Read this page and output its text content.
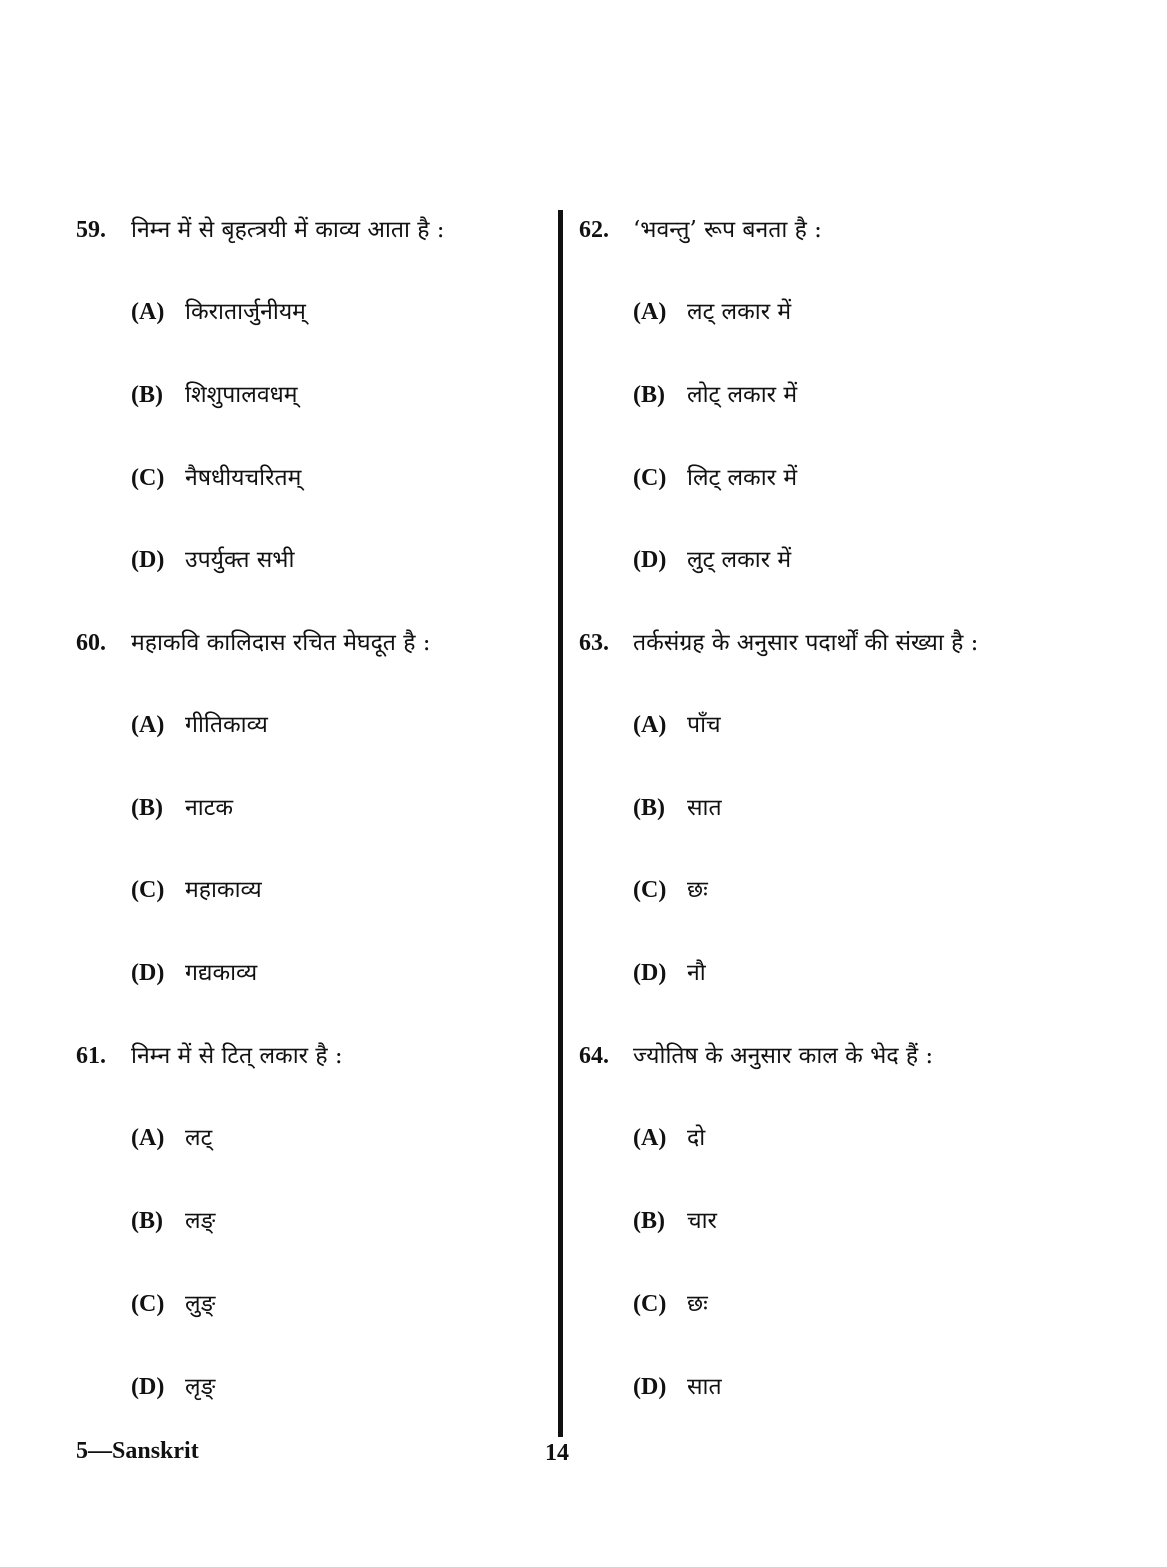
59. निम्न में से बृहत्त्रयी में काव्य आता है :
(A) किरातार्जुनीयम्
(B) शिशुपालवधम्
(C) नैषधीयचरितम्
(D) उपर्युक्त सभी
60. महाकवि कालिदास रचित मेघदूत है :
(A) गीतिकाव्य
(B) नाटक
(C) महाकाव्य
(D) गद्यकाव्य
61. निम्न में से टित् लकार है :
(A) लट्
(B) लङ्
(C) लुङ्
(D) लृङ्
62. ‘भवन्तु’ रूप बनता है :
(A) लट् लकार में
(B) लोट् लकार में
(C) लिट् लकार में
(D) लुट् लकार में
63. तर्कसंग्रह के अनुसार पदार्थों की संख्या है :
(A) पाँच
(B) सात
(C) छः
(D) नौ
64. ज्योतिष के अनुसार काल के भेद हैं :
(A) दो
(B) चार
(C) छः
(D) सात
5—Sanskrit	14
